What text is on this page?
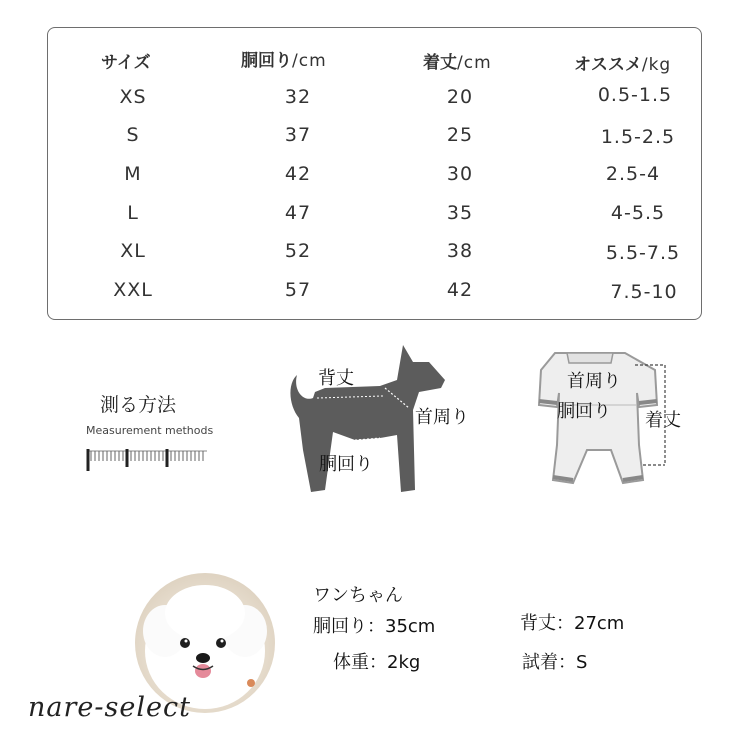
サイズ	胴回り/cm	着丈/cm	オススメ/kg
XS	32	20	0.5-1.5
S	37	25	1.5-2.5
M	42	30	2.5-4
L	47	35	4-5.5
XL	52	38	5.5-7.5
XXL	57	42	7.5-10
測る方法
Measurement methods
背丈
首周り
胴回り
首周り
胴回り 着丈
nare-select
ワンちゃん
胴回り：35cm	背丈：27cm
体重：2kg	試着：S
